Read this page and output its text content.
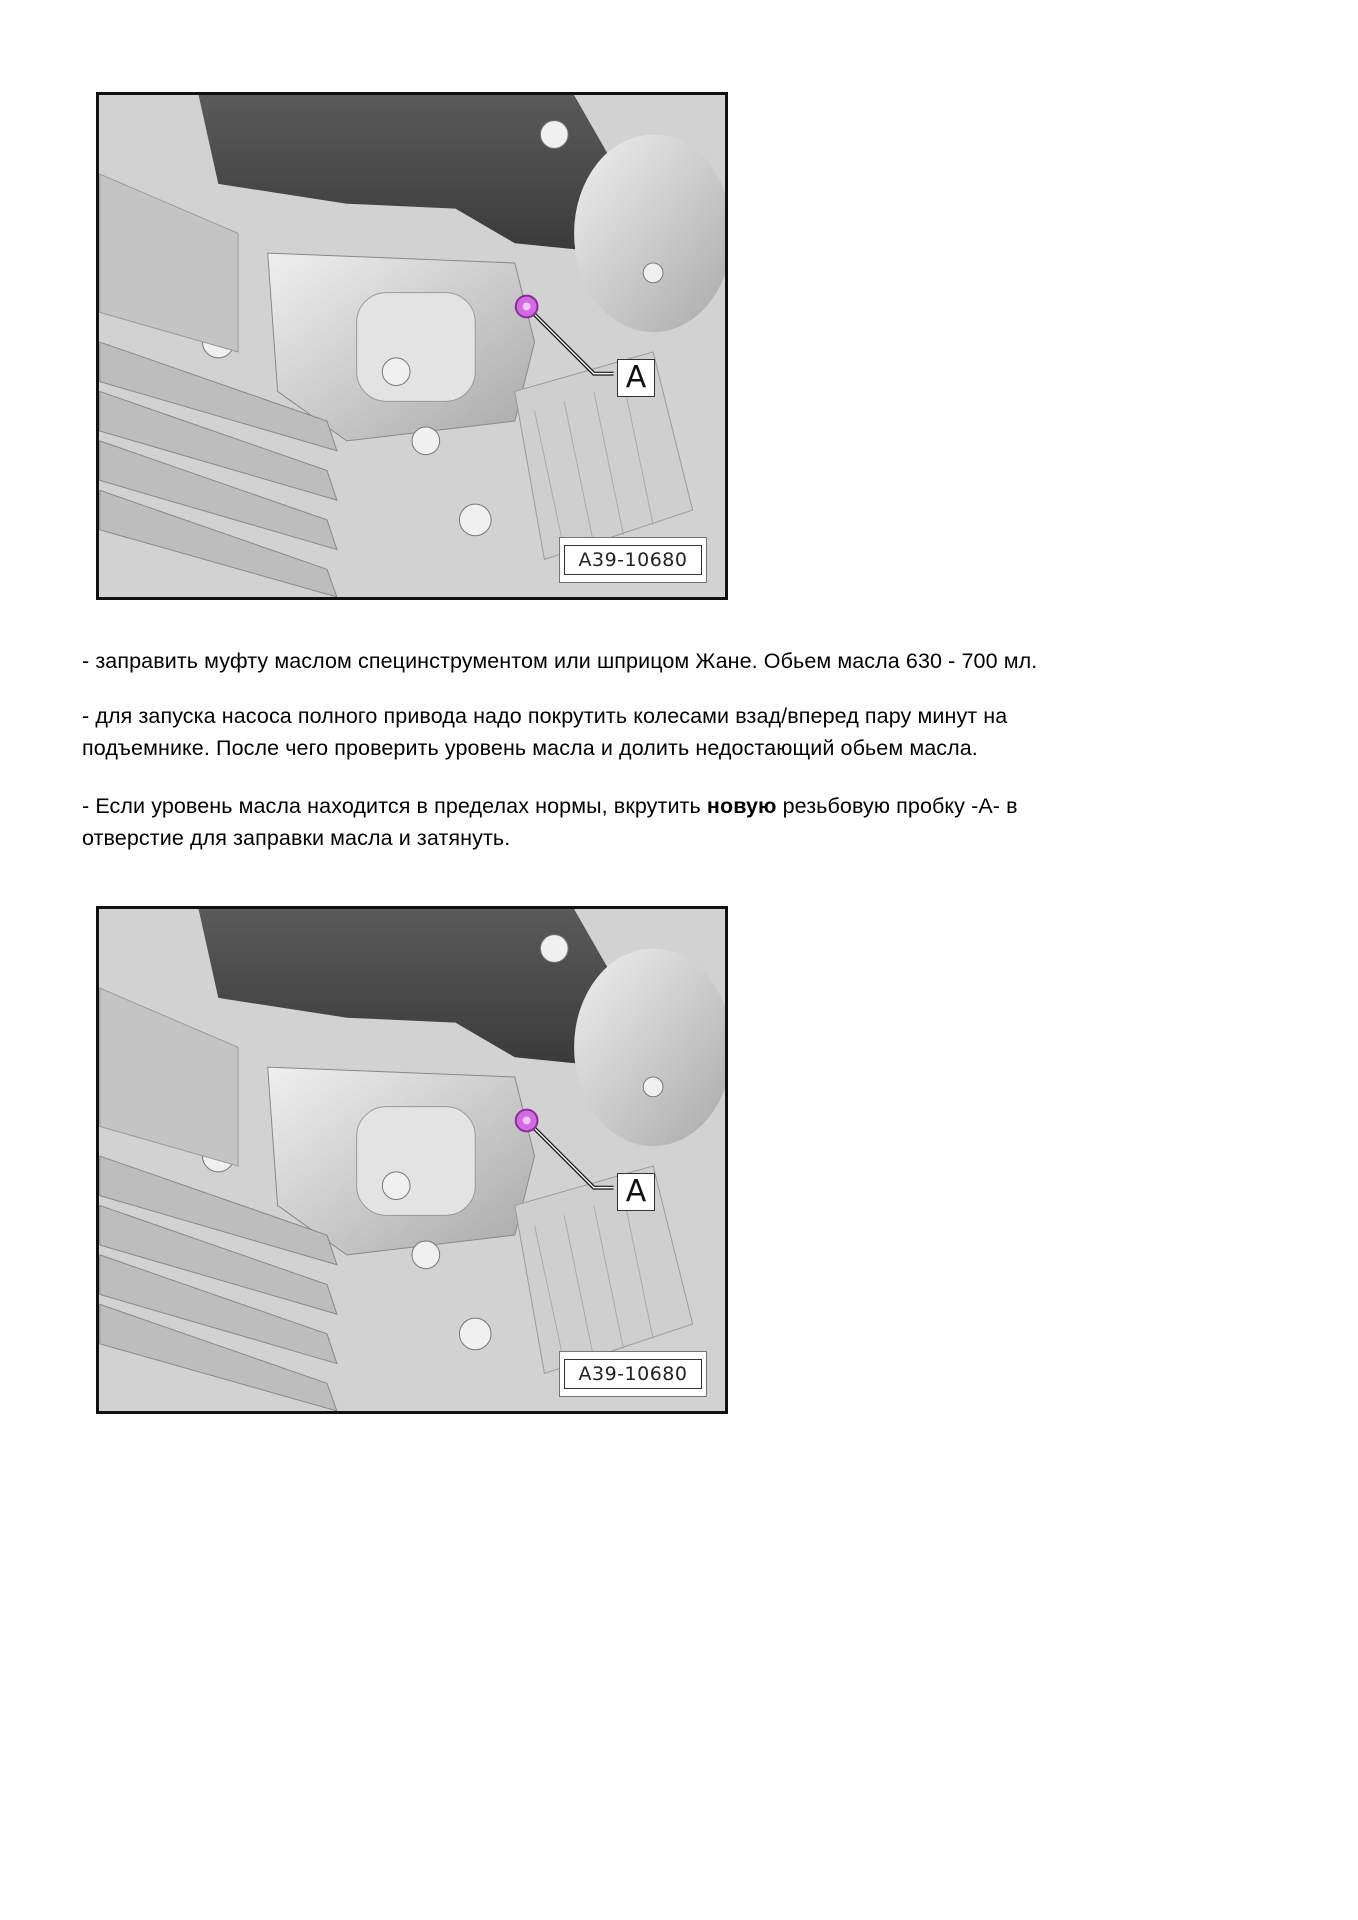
A
A39-10680

- заправить муфту маслом специнструментом или шприцом Жане. Обьем масла 630 - 700 мл.

- для запуска насоса полного привода надо покрутить колесами взад/вперед пару минут на

подъемнике. После чего проверить уровень масла и долить недостающий обьем масла.

- Если уровень масла находится в пределах нормы, вкрутить новую резьбовую пробку -А- в

отверстие для заправки масла и затянуть.

A
A39-10680
